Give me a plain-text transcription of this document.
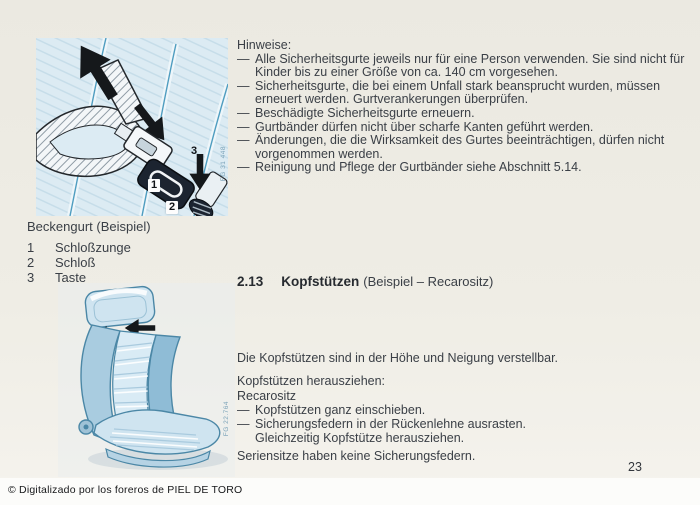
1
2
3	FG 31 448
Beckengurt (Beispiel)
1	Schloßzunge
2	Schloß
3	Taste
Hinweise:
— Alle Sicherheitsgurte jeweils nur für eine Person verwenden. Sie sind nicht für Kinder bis zu einer Größe von ca. 140 cm vorgesehen.
— Sicherheitsgurte, die bei einem Unfall stark beansprucht wurden, müssen erneuert werden. Gurtverankerungen überprüfen.
— Beschädigte Sicherheitsgurte erneuern.
— Gurtbänder dürfen nicht über scharfe Kanten geführt werden.
— Änderungen, die die Wirksamkeit des Gurtes beeinträchtigen, dürfen nicht vorgenommen werden.
— Reinigung und Pflege der Gurtbänder siehe Abschnitt 5.14.
2.13 Kopfstützen (Beispiel – Recarositz)
FG 22.764

Die Kopfstützen sind in der Höhe und Neigung verstellbar.

Kopfstützen herausziehen:

Recarositz
— Kopfstützen ganz einschieben.
— Sicherungsfedern in der Rückenlehne ausrasten.
Gleichzeitig Kopfstütze herausziehen.

Seriensitze haben keine Sicherungsfedern.

23
© Digitalizado por los foreros de PIEL DE TORO
